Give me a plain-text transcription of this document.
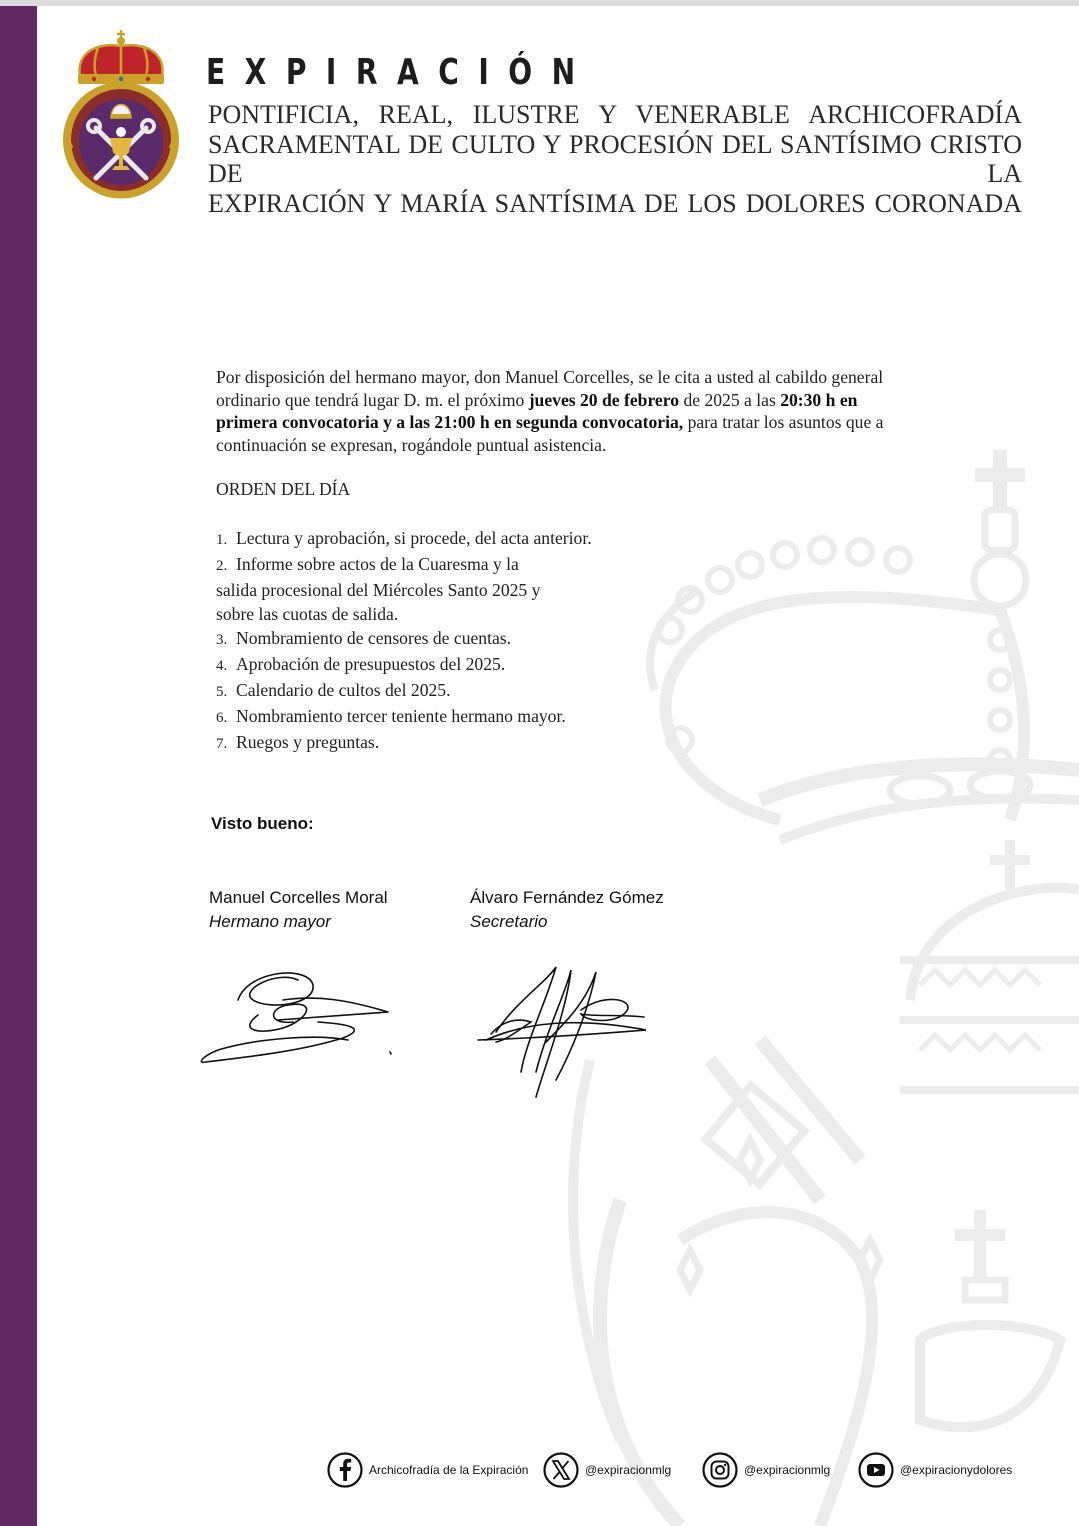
EXPIRACIÓN
PONTIFICIA, REAL, ILUSTRE Y VENERABLE ARCHICOFRADÍA
SACRAMENTAL DE CULTO Y PROCESIÓN DEL SANTÍSIMO CRISTO DE LA
EXPIRACIÓN Y MARÍA SANTÍSIMA DE LOS DOLORES CORONADA

Por disposición del hermano mayor, don Manuel Corcelles, se le cita a usted al cabildo general ordinario que tendrá lugar D. m. el próximo jueves 20 de febrero de 2025 a las 20:30 h en primera convocatoria y a las 21:00 h en segunda convocatoria, para tratar los asuntos que a continuación se expresan, rogándole puntual asistencia.

ORDEN DEL DÍA

1. Lectura y aprobación, si procede, del acta anterior.
2. Informe sobre actos de la Cuaresma y la
salida procesional del Miércoles Santo 2025 y
sobre las cuotas de salida.
3. Nombramiento de censores de cuentas.
4. Aprobación de presupuestos del 2025.
5. Calendario de cultos del 2025.
6. Nombramiento tercer teniente hermano mayor.
7. Ruegos y preguntas.
Visto bueno:
Manuel Corcelles Moral
Hermano mayor
Álvaro Fernández Gómez
Secretario
Archicofradía de la Expiración	@expiracionmlg	@expiracionmlg	@expiracionydolores
